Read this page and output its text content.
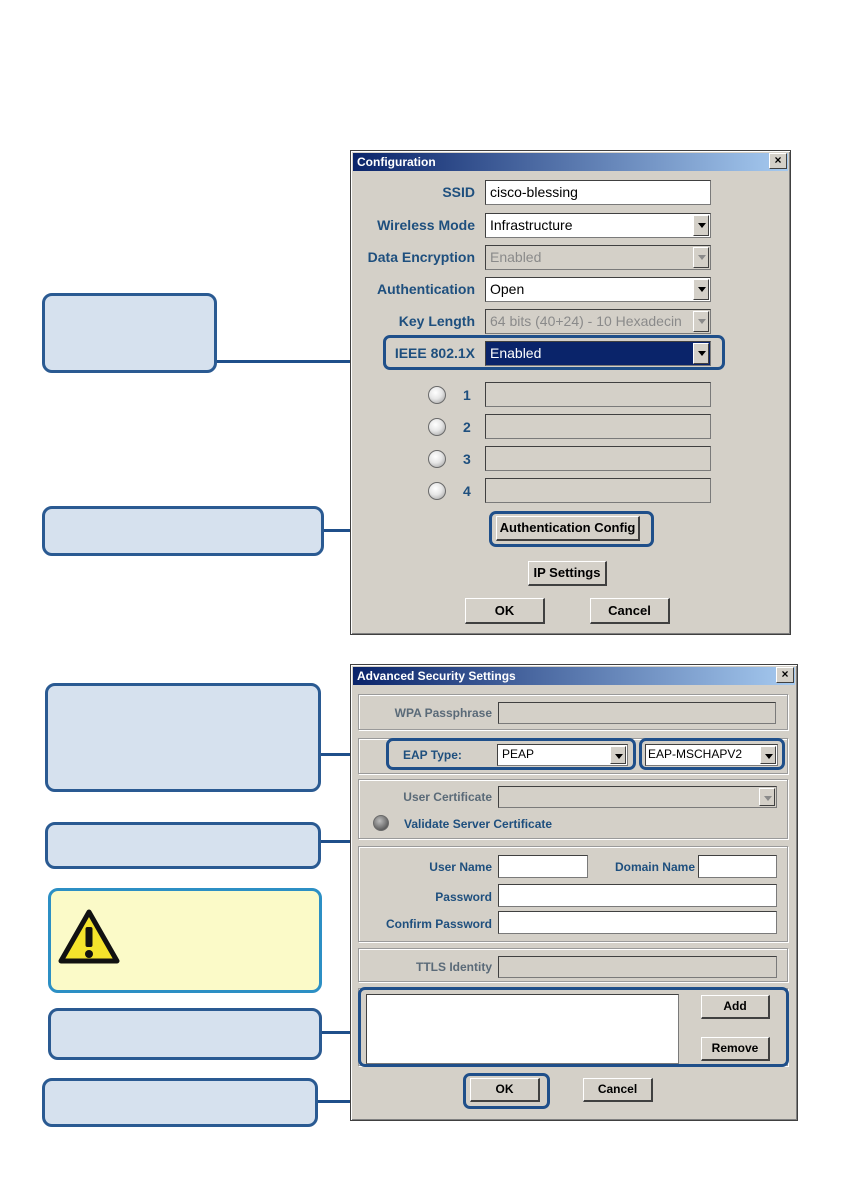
Configuration	×
SSID	cisco-blessing
Wireless Mode	Infrastructure
Data Encryption	Enabled
Authentication	Open
Key Length	64 bits (40+24) - 10 Hexadecin
IEEE 802.1X	Enabled
1
2
3
4
Authentication Config
IP Settings
OK	Cancel
Advanced Security Settings	×
WPA Passphrase
EAP Type:	PEAP	EAP-MSCHAPV2
User Certificate
Validate Server Certificate
User Name	Domain Name
Password
Confirm Password
TTLS Identity
Add
Remove
OK	Cancel
